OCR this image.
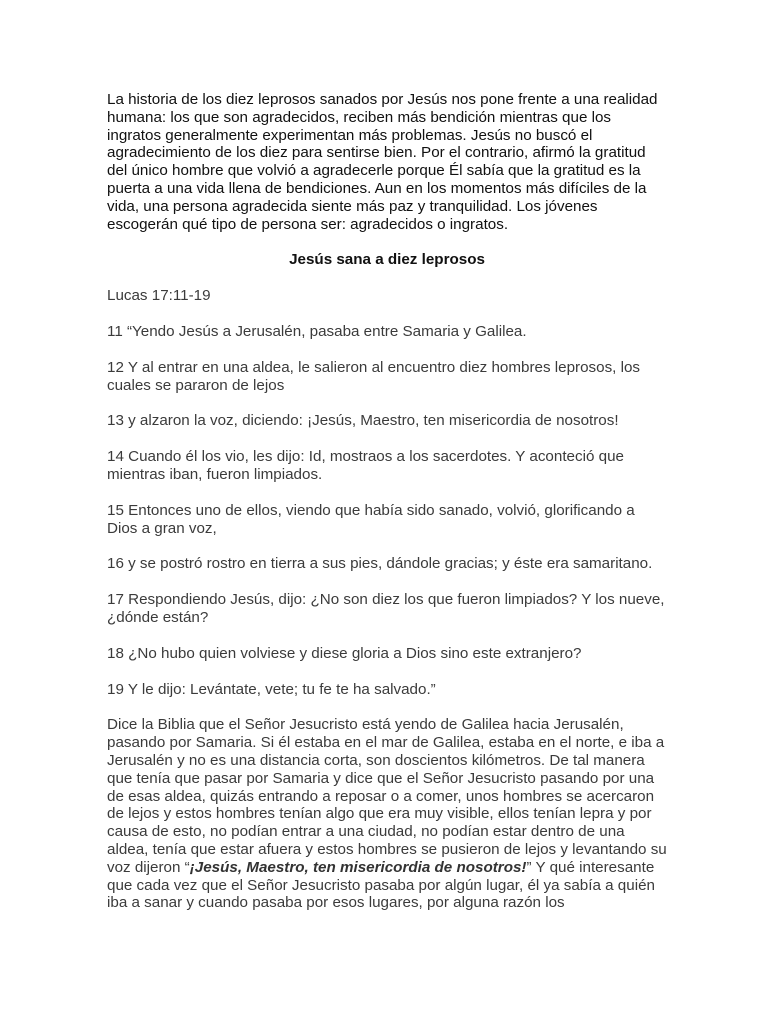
La historia de los diez leprosos sanados por Jesús nos pone frente a una realidad humana: los que son agradecidos, reciben más bendición mientras que los ingratos generalmente experimentan más problemas. Jesús no buscó el agradecimiento de los diez para sentirse bien. Por el contrario, afirmó la gratitud del único hombre que volvió a agradecerle porque Él sabía que la gratitud es la puerta a una vida llena de bendiciones. Aun en los momentos más difíciles de la vida, una persona agradecida siente más paz y tranquilidad. Los jóvenes escogerán qué tipo de persona ser: agradecidos o ingratos.

Jesús sana a diez leprosos

Lucas 17:11-19

11 “Yendo Jesús a Jerusalén, pasaba entre Samaria y Galilea.

12 Y al entrar en una aldea, le salieron al encuentro diez hombres leprosos, los cuales se pararon de lejos

13 y alzaron la voz, diciendo: ¡Jesús, Maestro, ten misericordia de nosotros!

14 Cuando él los vio, les dijo: Id, mostraos a los sacerdotes. Y aconteció que mientras iban, fueron limpiados.

15 Entonces uno de ellos, viendo que había sido sanado, volvió, glorificando a Dios a gran voz,

16 y se postró rostro en tierra a sus pies, dándole gracias; y éste era samaritano.

17 Respondiendo Jesús, dijo: ¿No son diez los que fueron limpiados? Y los nueve, ¿dónde están?

18 ¿No hubo quien volviese y diese gloria a Dios sino este extranjero?

19 Y le dijo: Levántate, vete; tu fe te ha salvado.”

Dice la Biblia que el Señor Jesucristo está yendo de Galilea hacia Jerusalén, pasando por Samaria. Si él estaba en el mar de Galilea, estaba en el norte, e iba a Jerusalén y no es una distancia corta, son doscientos kilómetros. De tal manera que tenía que pasar por Samaria y dice que el Señor Jesucristo pasando por una de esas aldea, quizás entrando a reposar o a comer, unos hombres se acercaron de lejos y estos hombres tenían algo que era muy visible, ellos tenían lepra y por causa de esto, no podían entrar a una ciudad, no podían estar dentro de una aldea, tenía que estar afuera y estos hombres se pusieron de lejos y levantando su voz dijeron “¡Jesús, Maestro, ten misericordia de nosotros!” Y qué interesante que cada vez que el Señor Jesucristo pasaba por algún lugar, él ya sabía a quién iba a sanar y cuando pasaba por esos lugares, por alguna razón los
